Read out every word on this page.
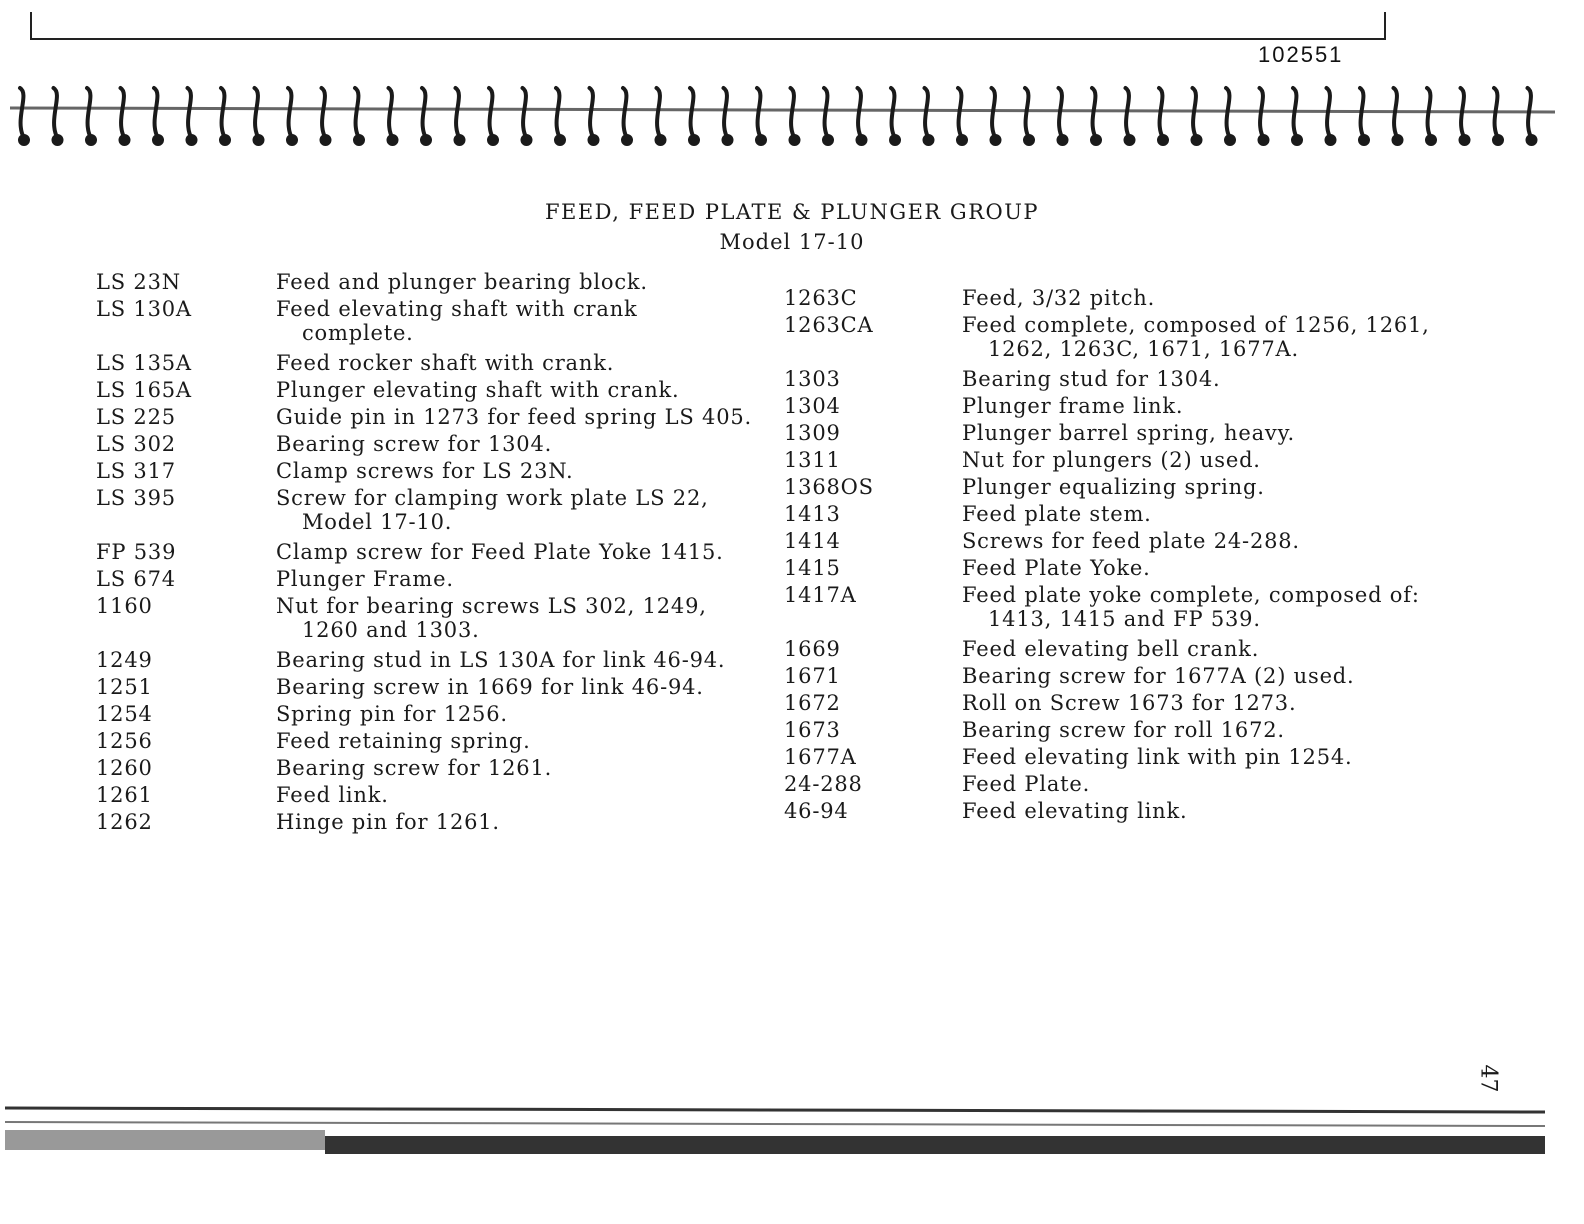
102551
FEED, FEED PLATE & PLUNGER GROUP
Model 17-10
LS 23N	Feed and plunger bearing block.
LS 130A	Feed elevating shaft with crank
complete.
LS 135A	Feed rocker shaft with crank.
LS 165A	Plunger elevating shaft with crank.
LS 225	Guide pin in 1273 for feed spring LS 405.
LS 302	Bearing screw for 1304.
LS 317	Clamp screws for LS 23N.
LS 395	Screw for clamping work plate LS 22,
Model 17-10.
FP 539	Clamp screw for Feed Plate Yoke 1415.
LS 674	Plunger Frame.
1160	Nut for bearing screws LS 302, 1249,
1260 and 1303.
1249	Bearing stud in LS 130A for link 46-94.
1251	Bearing screw in 1669 for link 46-94.
1254	Spring pin for 1256.
1256	Feed retaining spring.
1260	Bearing screw for 1261.
1261	Feed link.
1262	Hinge pin for 1261.
1263C	Feed, 3/32 pitch.
1263CA	Feed complete, composed of 1256, 1261,
1262, 1263C, 1671, 1677A.
1303	Bearing stud for 1304.
1304	Plunger frame link.
1309	Plunger barrel spring, heavy.
1311	Nut for plungers (2) used.
1368OS	Plunger equalizing spring.
1413	Feed plate stem.
1414	Screws for feed plate 24-288.
1415	Feed Plate Yoke.
1417A	Feed plate yoke complete, composed of:
1413, 1415 and FP 539.
1669	Feed elevating bell crank.
1671	Bearing screw for 1677A (2) used.
1672	Roll on Screw 1673 for 1273.
1673	Bearing screw for roll 1672.
1677A	Feed elevating link with pin 1254.
24-288	Feed Plate.
46-94	Feed elevating link.
47
